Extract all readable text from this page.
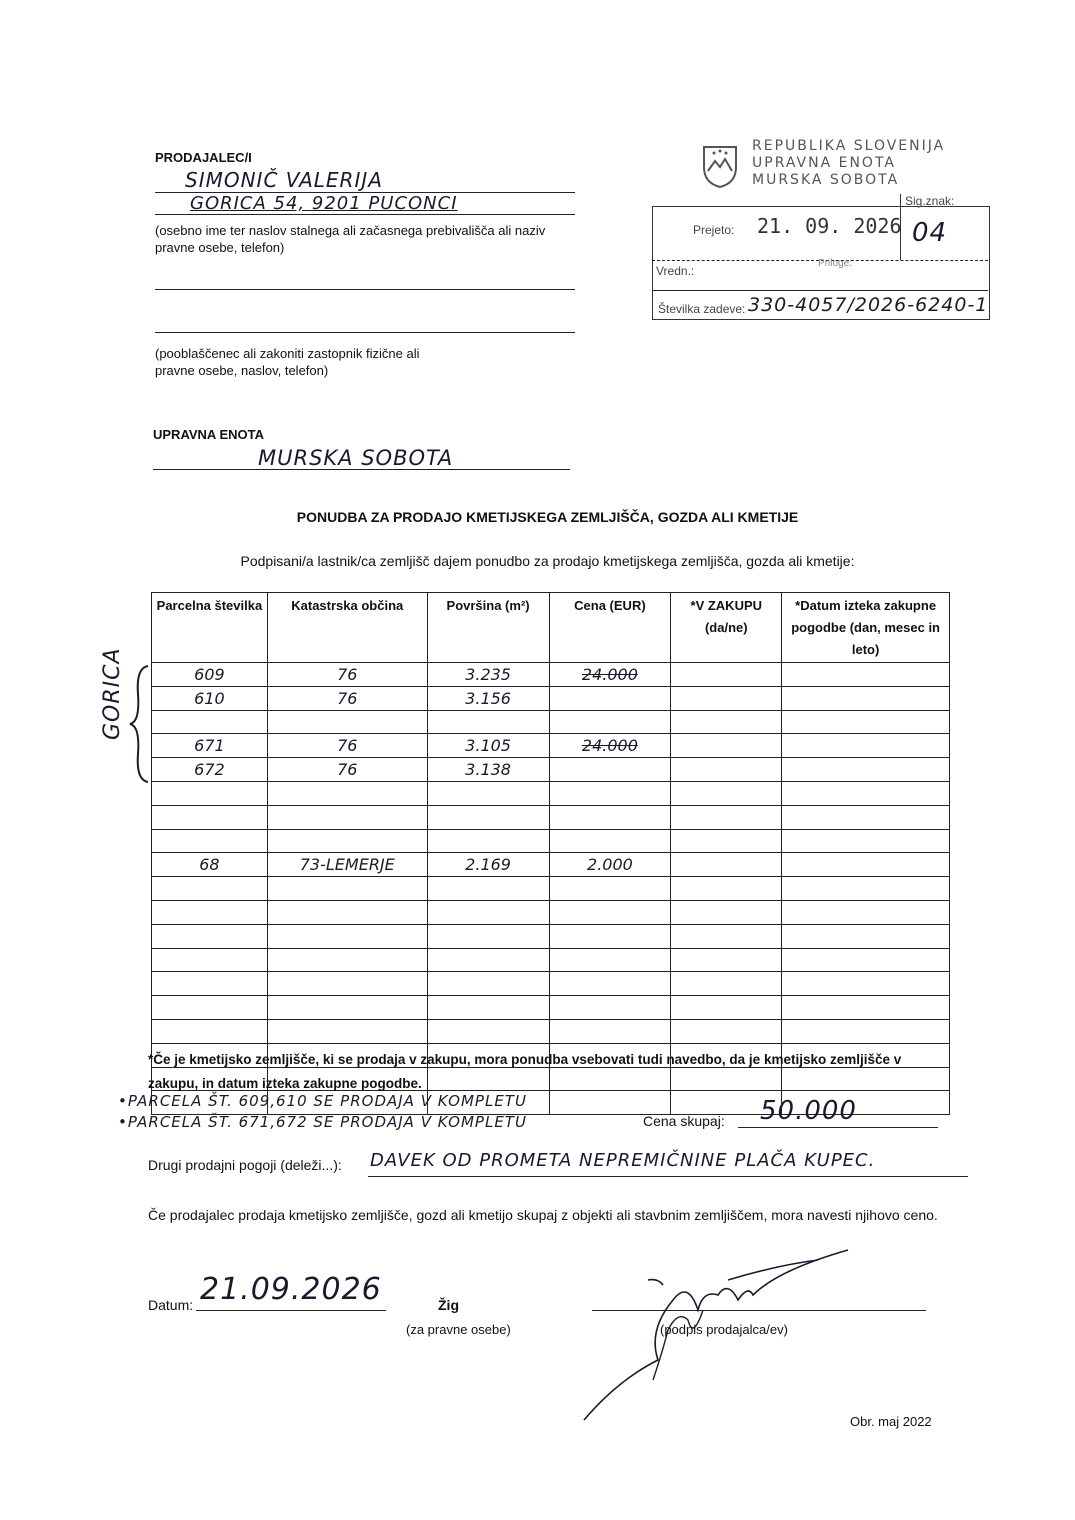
PRODAJALEC/I
SIMONIČ VALERIJA
GORICA 54, 9201 PUCONCI
(osebno ime ter naslov stalnega ali začasnega prebivališča ali naziv pravne osebe, telefon)
(pooblaščenec ali zakoniti zastopnik fizične ali pravne osebe, naslov, telefon)
REPUBLIKA SLOVENIJA
UPRAVNA ENOTA
MURSKA SOBOTA
Prejeto: 21. 09. 2026
Sig.znak:
04
Vredn.:
Priloge:
Številka zadeve: 330-4057/2026-6240-1
UPRAVNA ENOTA
MURSKA SOBOTA
PONUDBA ZA PRODAJO KMETIJSKEGA ZEMLJIŠČA, GOZDA ALI KMETIJE
Podpisani/a lastnik/ca zemljišč dajem ponudbo za prodajo kmetijskega zemljišča, gozda ali kmetije:
Parcelna številka	Katastrska občina	Površina (m²)	Cena (EUR)	*V ZAKUPU (da/ne)	*Datum izteka zakupne pogodbe (dan, mesec in leto)
609	76	3.235	24.000		
610	76	3.156			

671	76	3.105	24.000		
672	76	3.138			

68	73-LEMERJE	2.169	2.000		

GORICA
*Če je kmetijsko zemljišče, ki se prodaja v zakupu, mora ponudba vsebovati tudi navedbo, da je kmetijsko zemljišče v zakupu, in datum izteka zakupne pogodbe.
•PARCELA ŠT. 609,610 SE PRODAJA V KOMPLETU
•PARCELA ŠT. 671,672 SE PRODAJA V KOMPLETU	Cena skupaj: 50.000
Drugi prodajni pogoji (deleži...): DAVEK OD PROMETA NEPREMIČNINE PLAČA KUPEC.
Če prodajalec prodaja kmetijsko zemljišče, gozd ali kmetijo skupaj z objekti ali stavbnim zemljiščem, mora navesti njihovo ceno.
Datum: 21.09.2026	Žig
(za pravne osebe)	(podpis prodajalca/ev)
Obr. maj 2022
